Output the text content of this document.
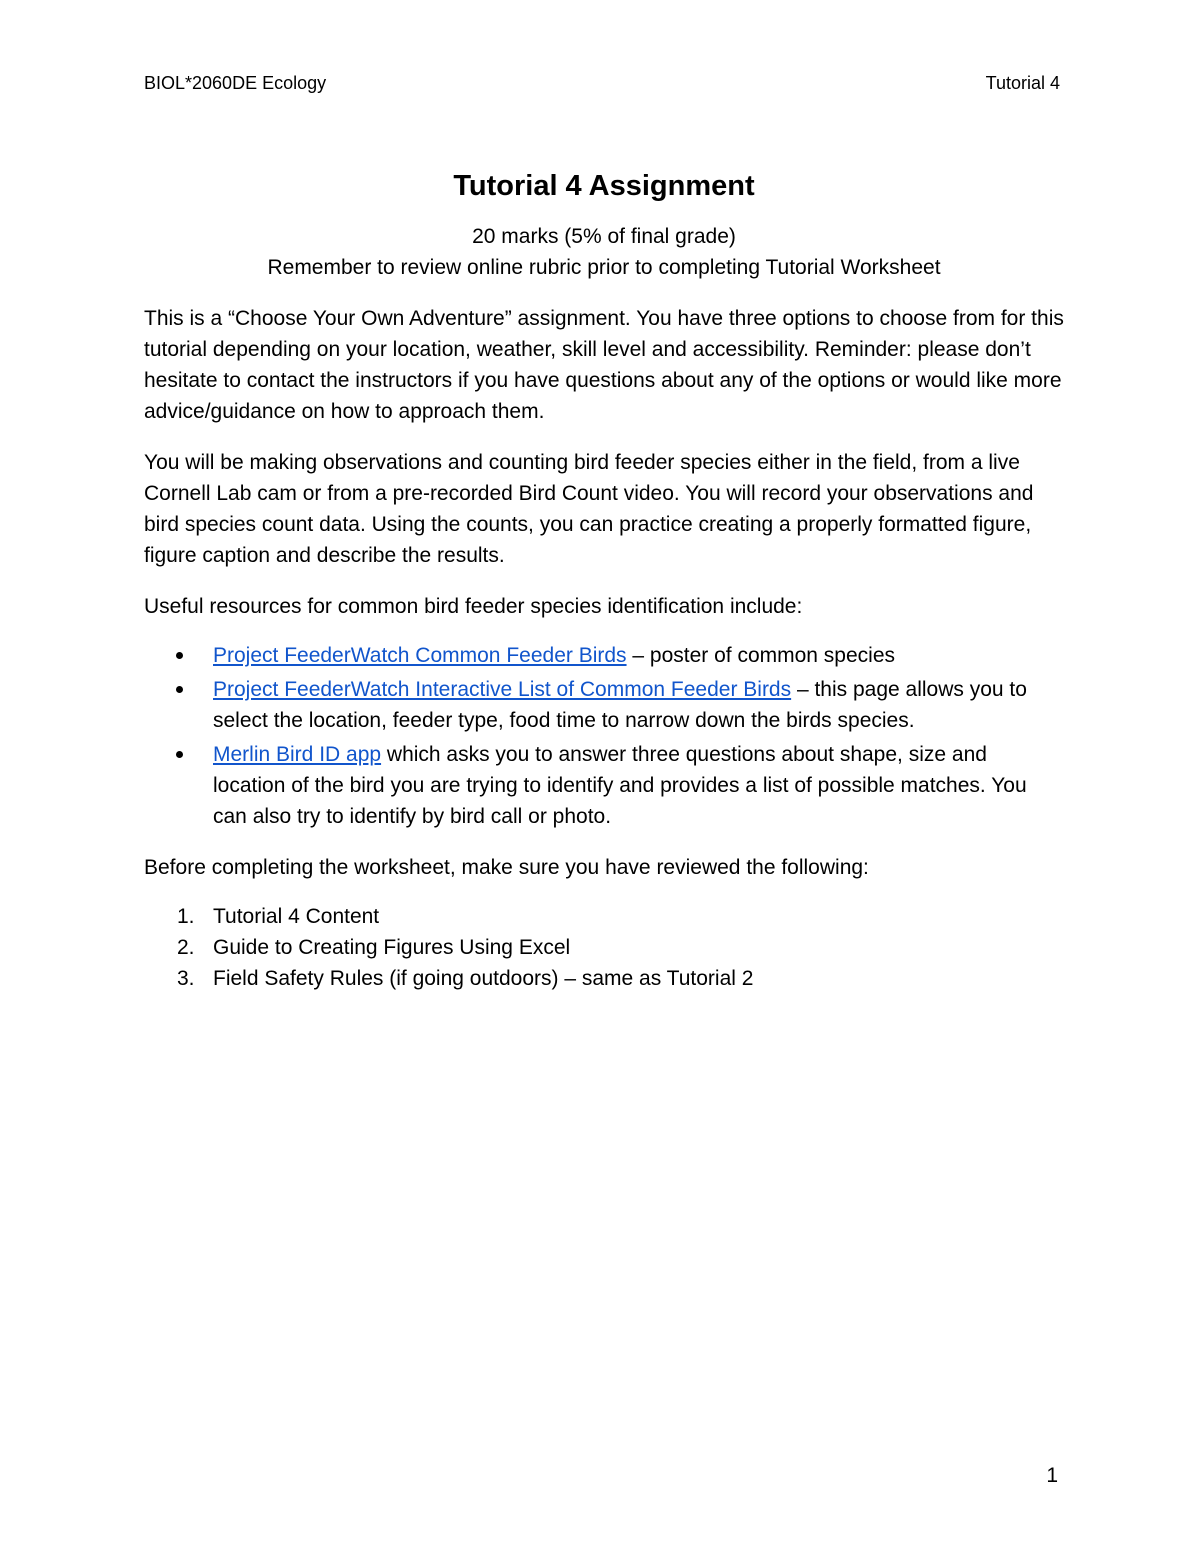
BIOL*2060DE Ecology	Tutorial 4
Tutorial 4 Assignment
20 marks (5% of final grade)
Remember to review online rubric prior to completing Tutorial Worksheet

This is a “Choose Your Own Adventure” assignment. You have three options to choose from for this tutorial depending on your location, weather, skill level and accessibility. Reminder: please don’t hesitate to contact the instructors if you have questions about any of the options or would like more advice/guidance on how to approach them.

You will be making observations and counting bird feeder species either in the field, from a live Cornell Lab cam or from a pre-recorded Bird Count video. You will record your observations and bird species count data. Using the counts, you can practice creating a properly formatted figure, figure caption and describe the results.

Useful resources for common bird feeder species identification include:

Project FeederWatch Common Feeder Birds – poster of common species
Project FeederWatch Interactive List of Common Feeder Birds – this page allows you to select the location, feeder type, food time to narrow down the birds species.
Merlin Bird ID app which asks you to answer three questions about shape, size and location of the bird you are trying to identify and provides a list of possible matches. You can also try to identify by bird call or photo.

Before completing the worksheet, make sure you have reviewed the following:

1. Tutorial 4 Content
2. Guide to Creating Figures Using Excel
3. Field Safety Rules (if going outdoors) – same as Tutorial 2
1
